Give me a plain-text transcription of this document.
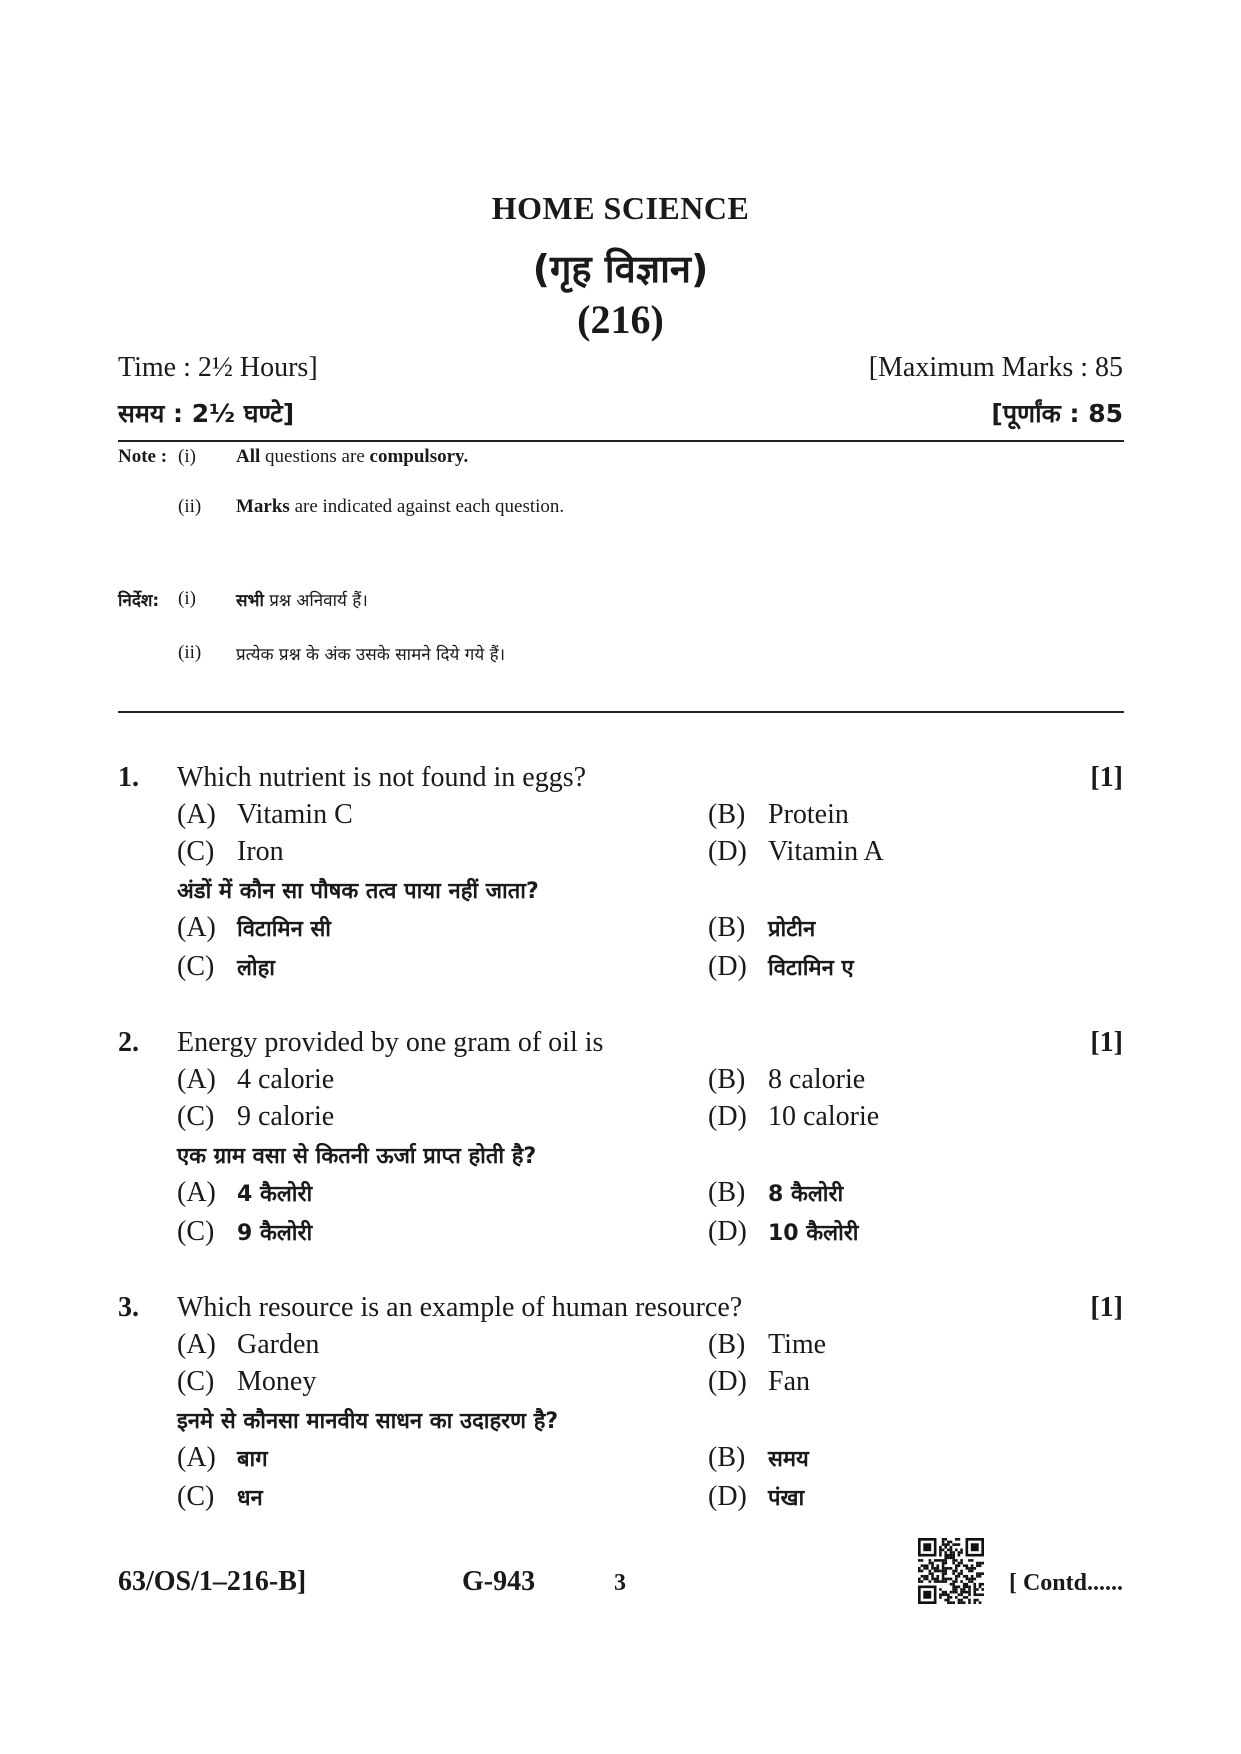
HOME SCIENCE
(गृह विज्ञान)
(216)
Time : 2½ Hours]	[Maximum Marks : 85
समय : 2½ घण्टे]	[पूर्णांक : 85
Note : (i) All questions are compulsory.
(ii) Marks are indicated against each question.
निर्देश: (i) सभी प्रश्न अनिवार्य हैं।
(ii) प्रत्येक प्रश्न के अंक उसके सामने दिये गये हैं।
1. Which nutrient is not found in eggs?	[1]
(A) Vitamin C	(B) Protein
(C) Iron	(D) Vitamin A
अंडों में कौन सा पौषक तत्व पाया नहीं जाता?
(A) विटामिन सी	(B) प्रोटीन
(C) लोहा	(D) विटामिन ए
2. Energy provided by one gram of oil is	[1]
(A) 4 calorie	(B) 8 calorie
(C) 9 calorie	(D) 10 calorie
एक ग्राम वसा से कितनी ऊर्जा प्राप्त होती है?
(A) 4 कैलोरी	(B) 8 कैलोरी
(C) 9 कैलोरी	(D) 10 कैलोरी
3. Which resource is an example of human resource?	[1]
(A) Garden	(B) Time
(C) Money	(D) Fan
इनमे से कौनसा मानवीय साधन का उदाहरण है?
(A) बाग	(B) समय
(C) धन	(D) पंखा
63/OS/1–216-B]	G-943	3	[ Contd......
